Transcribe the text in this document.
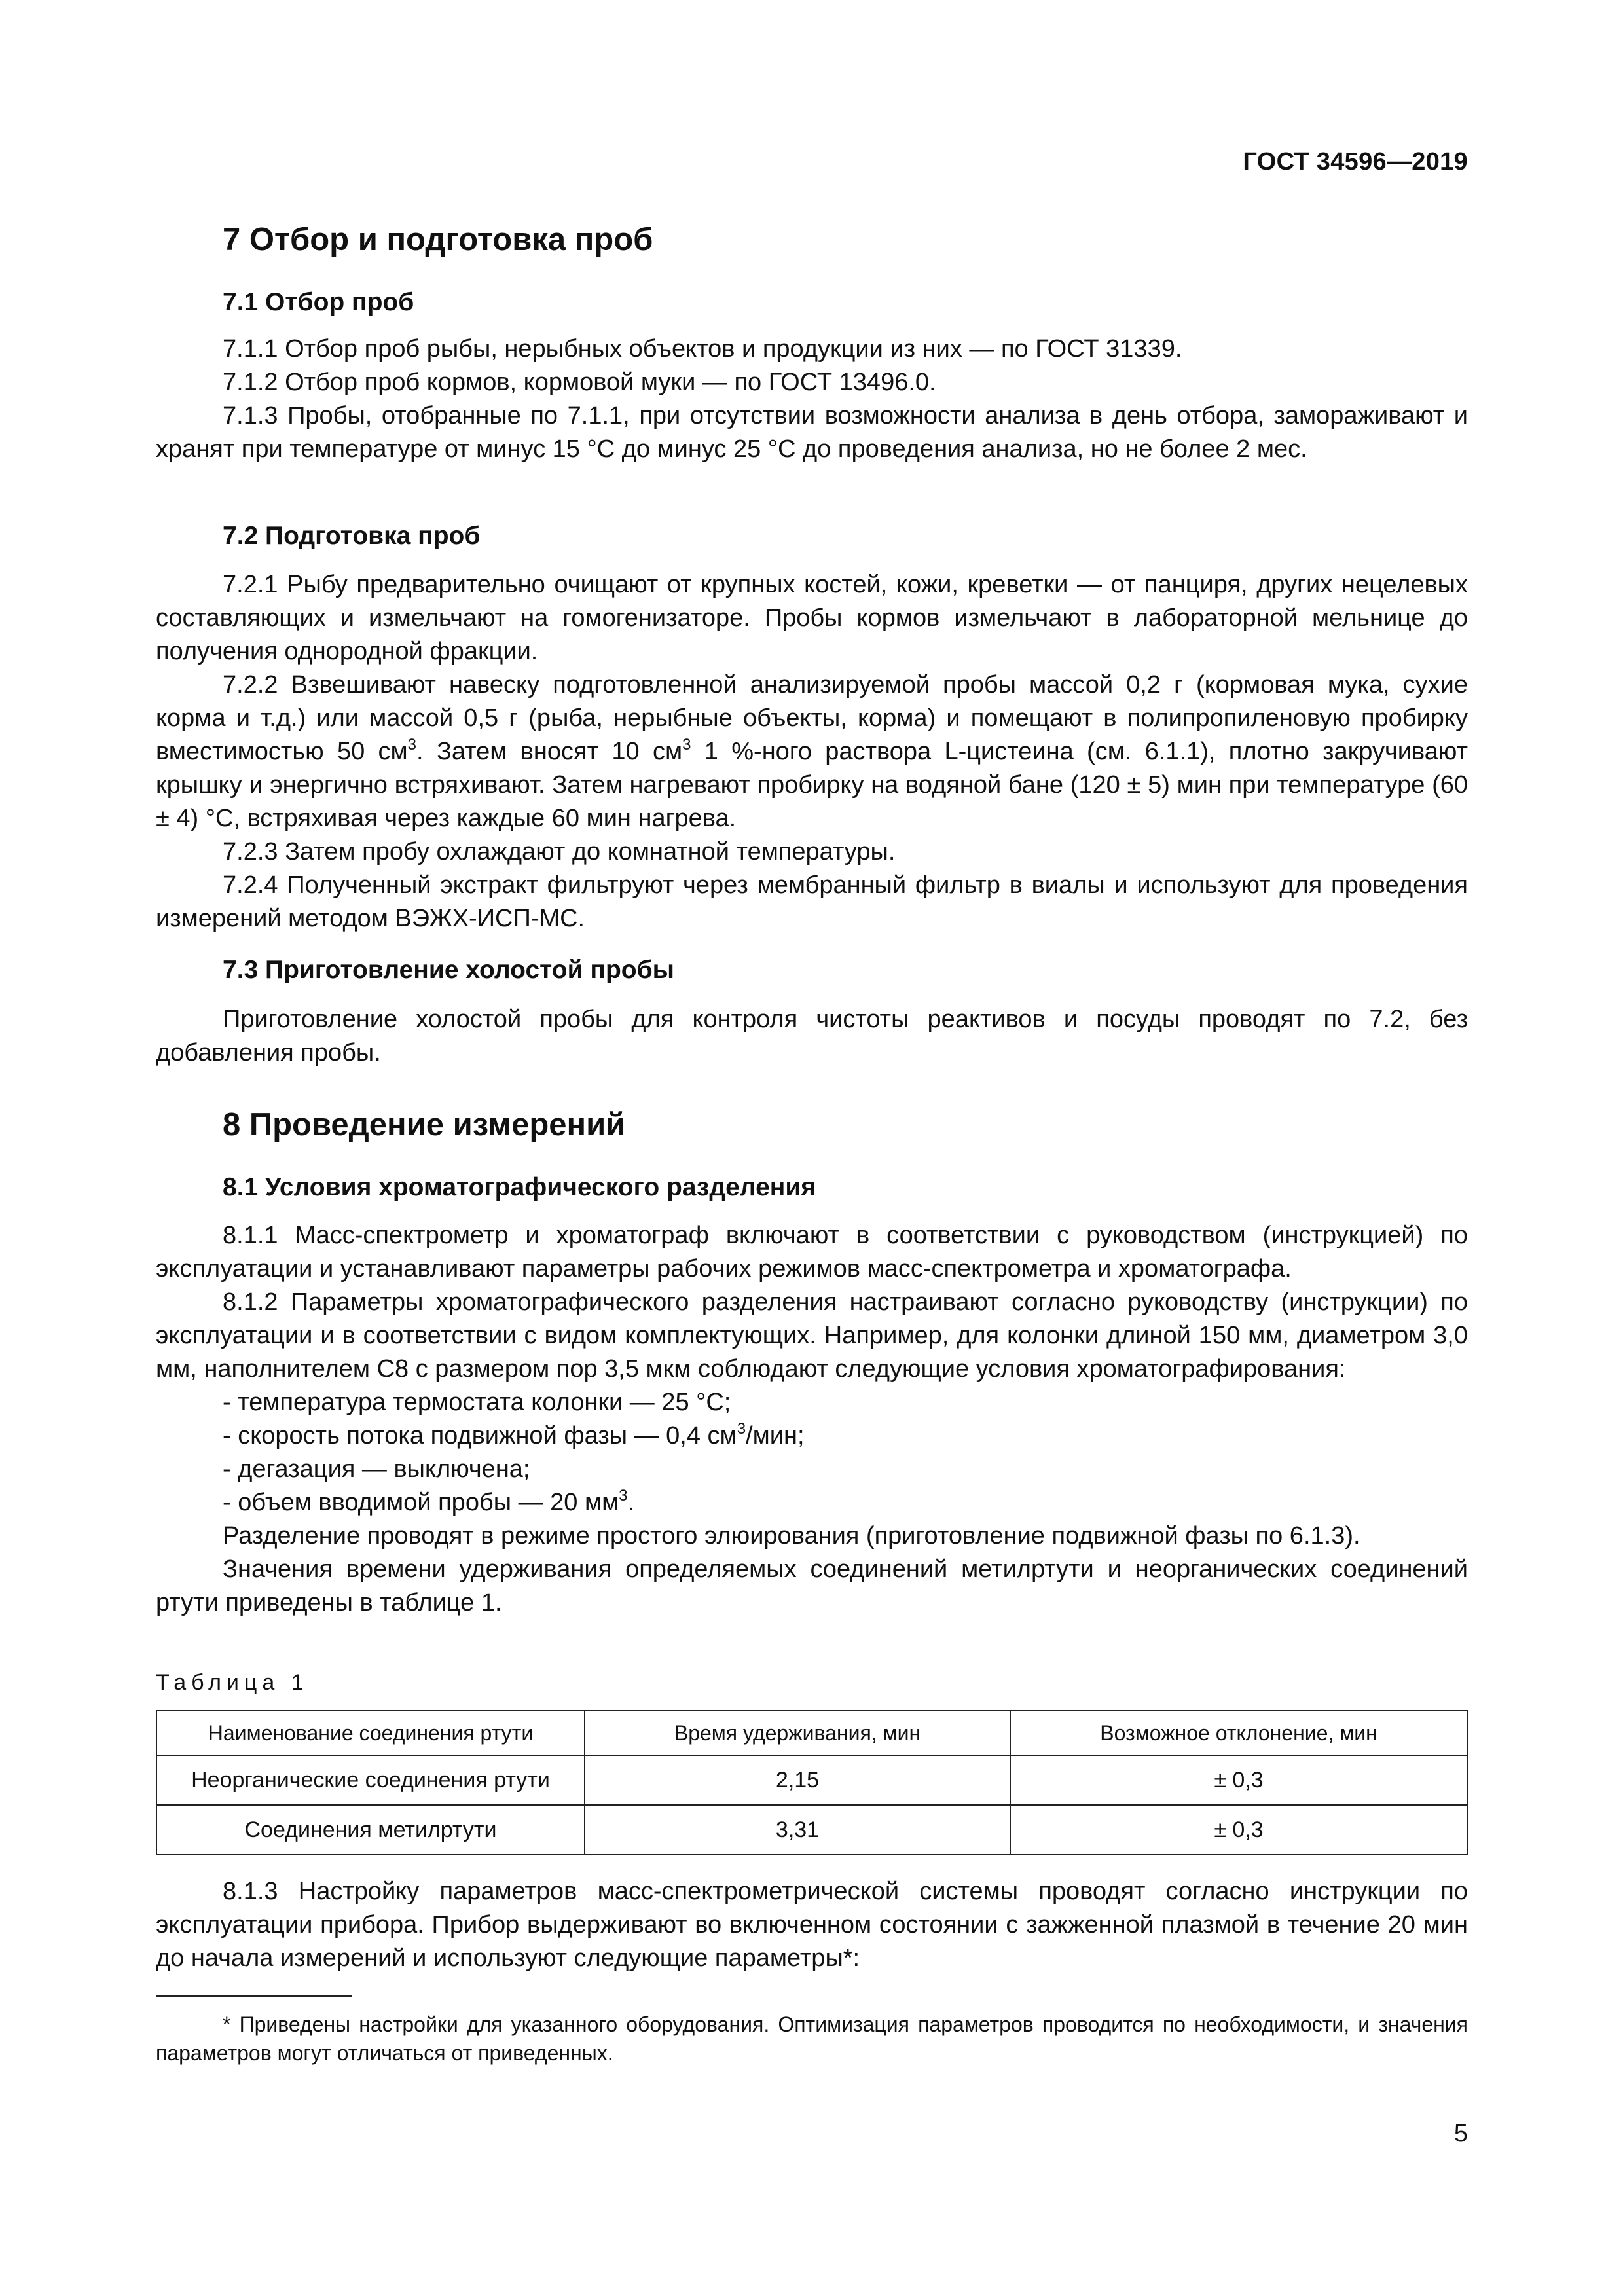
ГОСТ 34596—2019
7 Отбор и подготовка проб
7.1 Отбор проб

7.1.1 Отбор проб рыбы, нерыбных объектов и продукции из них — по ГОСТ 31339.

7.1.2 Отбор проб кормов, кормовой муки — по ГОСТ 13496.0.

7.1.3 Пробы, отобранные по 7.1.1, при отсутствии возможности анализа в день отбора, замораживают и хранят при температуре от минус 15 °С до минус 25 °С до проведения анализа, но не более 2 мес.

7.2 Подготовка проб

7.2.1 Рыбу предварительно очищают от крупных костей, кожи, креветки — от панциря, других нецелевых составляющих и измельчают на гомогенизаторе. Пробы кормов измельчают в лабораторной мельнице до получения однородной фракции.

7.2.2 Взвешивают навеску подготовленной анализируемой пробы массой 0,2 г (кормовая мука, сухие корма и т.д.) или массой 0,5 г (рыба, нерыбные объекты, корма) и помещают в полипропиленовую пробирку вместимостью 50 $см^3$. Затем вносят 10 $см^3$ 1 %-ного раствора L-цистеина (см. 6.1.1), плотно закручивают крышку и энергично встряхивают. Затем нагревают пробирку на водяной бане (120 ± 5) мин при температуре (60 ± 4) °С, встряхивая через каждые 60 мин нагрева.

7.2.3 Затем пробу охлаждают до комнатной температуры.

7.2.4 Полученный экстракт фильтруют через мембранный фильтр в виалы и используют для проведения измерений методом ВЭЖХ-ИСП-МС.

7.3 Приготовление холостой пробы

Приготовление холостой пробы для контроля чистоты реактивов и посуды проводят по 7.2, без добавления пробы.

8 Проведение измерений
8.1 Условия хроматографического разделения

8.1.1 Масс-спектрометр и хроматограф включают в соответствии с руководством (инструкцией) по эксплуатации и устанавливают параметры рабочих режимов масс-спектрометра и хроматографа.

8.1.2 Параметры хроматографического разделения настраивают согласно руководству (инструкции) по эксплуатации и в соответствии с видом комплектующих. Например, для колонки длиной 150 мм, диаметром 3,0 мм, наполнителем С8 с размером пор 3,5 мкм соблюдают следующие условия хроматографирования:

- температура термостата колонки — 25 °С;

- скорость потока подвижной фазы — 0,4 $см^3$/мин;

- дегазация — выключена;

- объем вводимой пробы — 20 $мм^3$.

Разделение проводят в режиме простого элюирования (приготовление подвижной фазы по 6.1.3).

Значения времени удерживания определяемых соединений метилртути и неорганических соединений ртути приведены в таблице 1.

Таблица 1
Наименование соединения ртути	Время удерживания, мин	Возможное отклонение, мин
Неорганические соединения ртути	2,15	± 0,3
Соединения метилртути	3,31	± 0,3

8.1.3 Настройку параметров масс-спектрометрической системы проводят согласно инструкции по эксплуатации прибора. Прибор выдерживают во включенном состоянии с зажженной плазмой в течение 20 мин до начала измерений и используют следующие параметры*:

* Приведены настройки для указанного оборудования. Оптимизация параметров проводится по необходимости, и значения параметров могут отличаться от приведенных.

5
